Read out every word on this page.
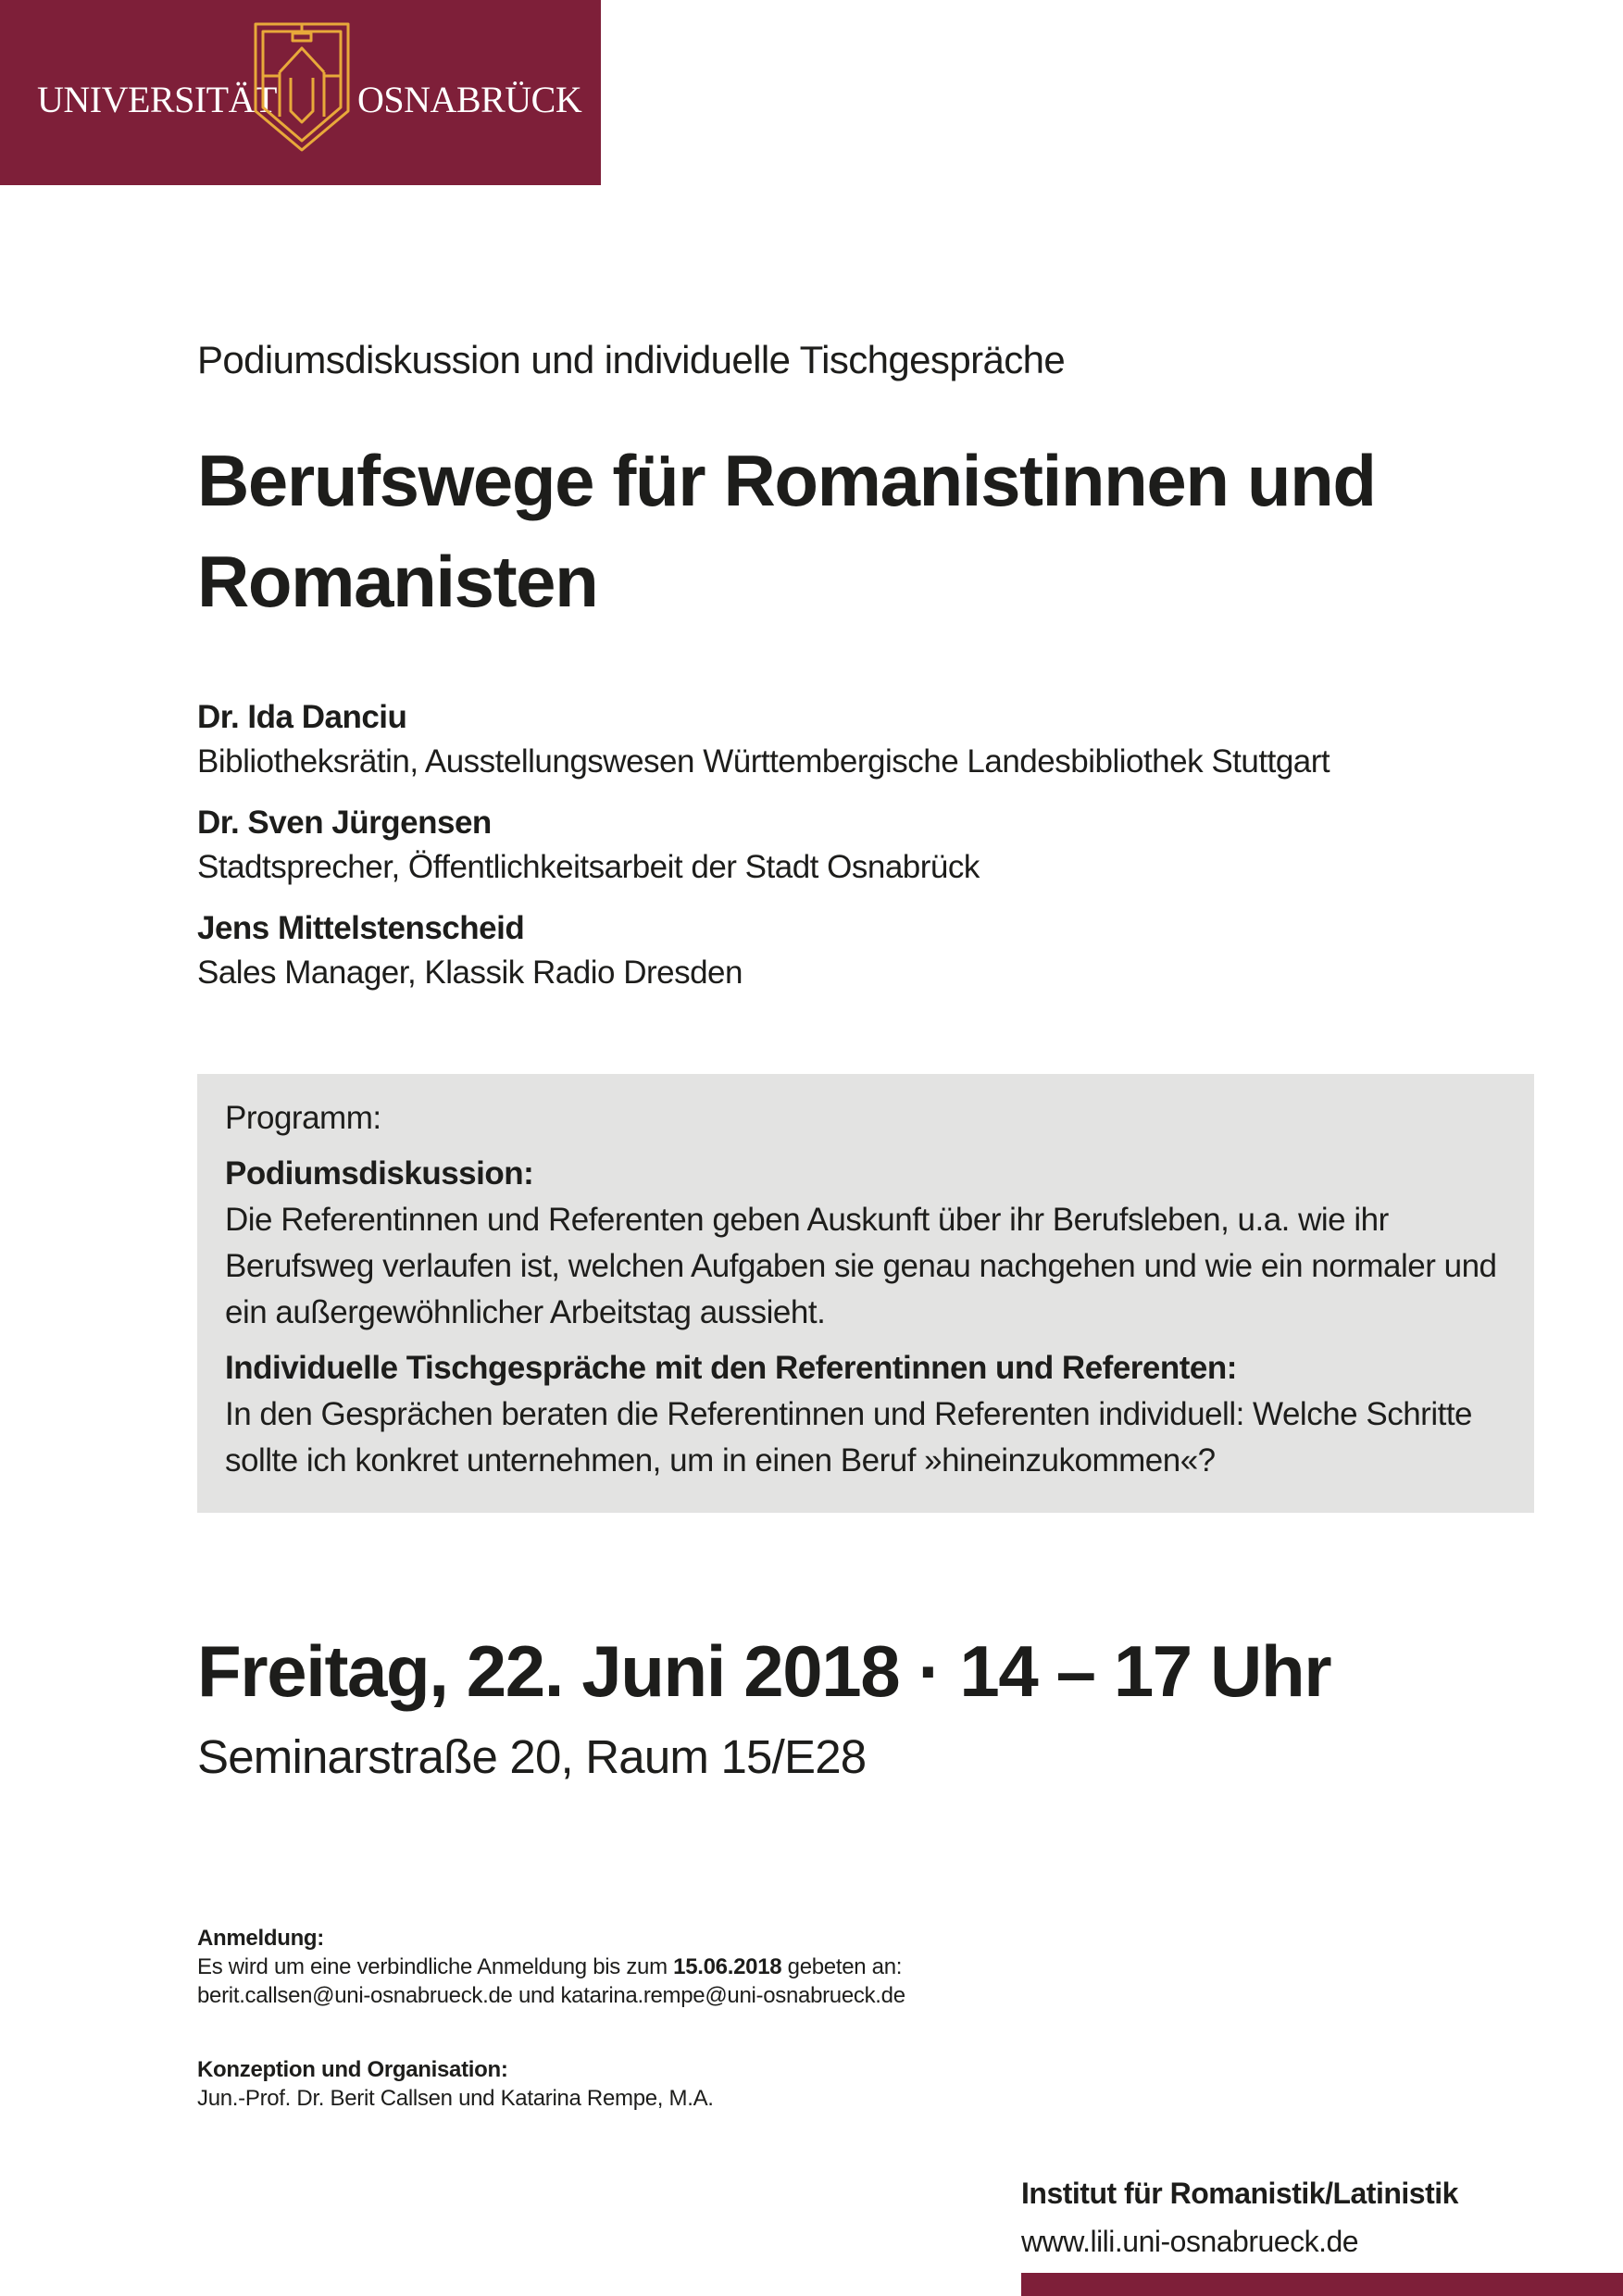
UNIVERSITÄT OSNABRÜCK
Podiumsdiskussion und individuelle Tischgespräche
Berufswege für Romanistinnen und Romanisten
Dr. Ida Danciu
Bibliotheksrätin, Ausstellungswesen Württembergische Landesbibliothek Stuttgart
Dr. Sven Jürgensen
Stadtsprecher, Öffentlichkeitsarbeit der Stadt Osnabrück
Jens Mittelstenscheid
Sales Manager, Klassik Radio Dresden
Programm:
Podiumsdiskussion:
Die Referentinnen und Referenten geben Auskunft über ihr Berufsleben, u.a. wie ihr Berufsweg verlaufen ist, welchen Aufgaben sie genau nachgehen und wie ein normaler und ein außergewöhnlicher Arbeitstag aussieht.
Individuelle Tischgespräche mit den Referentinnen und Referenten:
In den Gesprächen beraten die Referentinnen und Referenten individuell: Welche Schritte sollte ich konkret unternehmen, um in einen Beruf »hineinzukommen«?
Freitag, 22. Juni 2018 · 14 – 17 Uhr
Seminarstraße 20, Raum 15/E28
Anmeldung:
Es wird um eine verbindliche Anmeldung bis zum 15.06.2018 gebeten an:
berit.callsen@uni-osnabrueck.de und katarina.rempe@uni-osnabrueck.de
Konzeption und Organisation:
Jun.-Prof. Dr. Berit Callsen und Katarina Rempe, M.A.
Institut für Romanistik/Latinistik
www.lili.uni-osnabrueck.de
